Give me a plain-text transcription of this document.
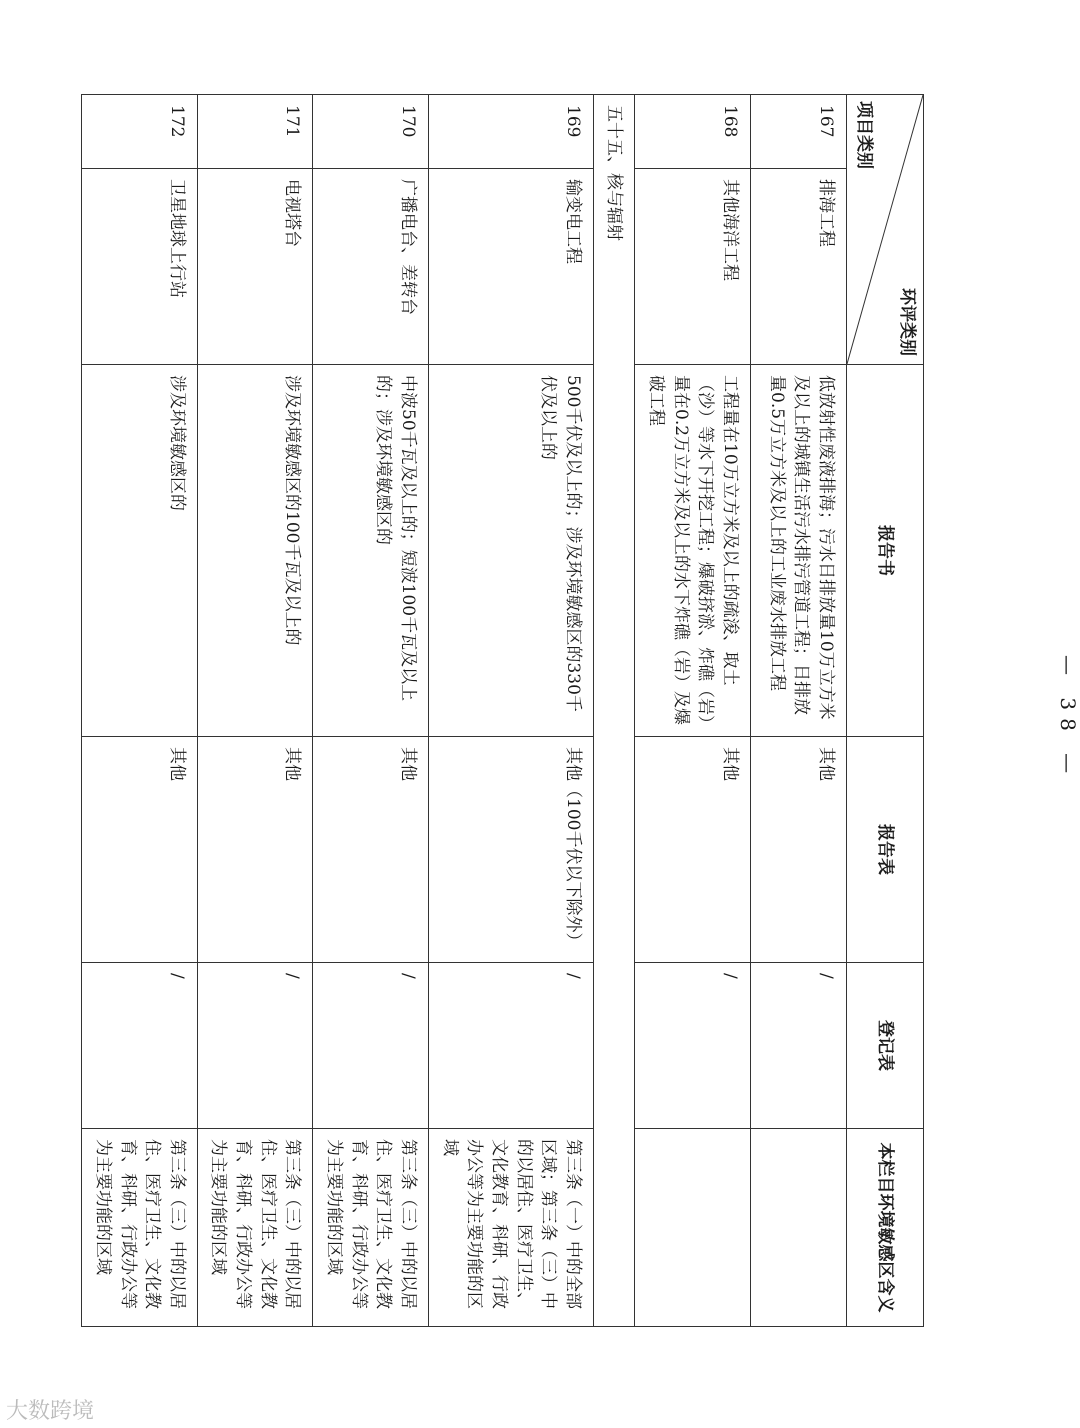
环评类别
项目类别		报告书	报告表	登记表	本栏目环境敏感区含义
167	排海工程	低放射性废液排海；污水日排放量10万立方米及以上的城镇生活污水排污管道工程；日排放量0.5万立方米及以上的工业废水排放工程	其他	/	
168	其他海洋工程	工程量在10万立方米及以上的疏浚、取土（沙）等水下开挖工程；爆破挤淤、炸礁（岩）量在0.2万立方米及以上的水下炸礁（岩）及爆破工程	其他	/	
五十五、核与辐射					
169	输变电工程	500千伏及以上的；涉及环境敏感区的330千伏及以上的	其他（100千伏以下除外）	/	第三条（一）中的全部区域；第三条（三）中的以居住、医疗卫生、文化教育、科研、行政办公等为主要功能的区域
170	广播电台、差转台	中波50千瓦及以上的；短波100千瓦及以上的；涉及环境敏感区的	其他	/	第三条（三）中的以居住、医疗卫生、文化教育、科研、行政办公等为主要功能的区域
171	电视塔台	涉及环境敏感区的100千瓦及以上的	其他	/	第三条（三）中的以居住、医疗卫生、文化教育、科研、行政办公等为主要功能的区域
172	卫星地球上行站	涉及环境敏感区的	其他	/	第三条（三）中的以居住、医疗卫生、文化教育、科研、行政办公等为主要功能的区域
— 38 —
大数跨境
